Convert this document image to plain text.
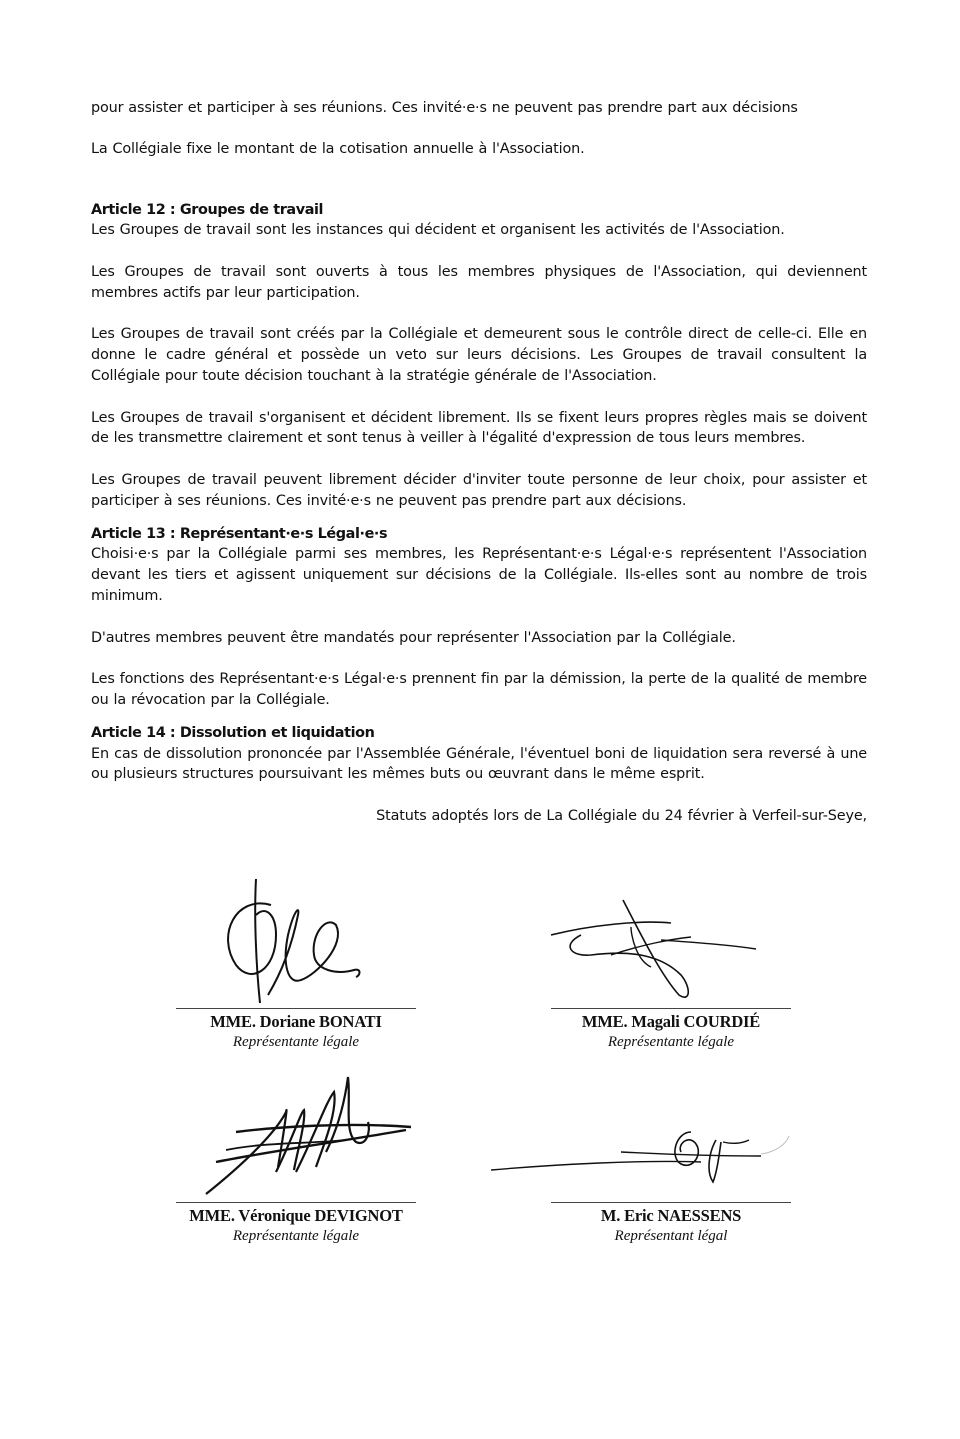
pour assister et participer à ses réunions. Ces invité·e·s ne peuvent pas prendre part aux décisions

La Collégiale fixe le montant de la cotisation annuelle à l'Association.

Article 12 : Groupes de travail

Les Groupes de travail sont les instances qui décident et organisent les activités de l'Association.

Les Groupes de travail sont ouverts à tous les membres physiques de l'Association, qui deviennent membres actifs par leur participation.

Les Groupes de travail sont créés par la Collégiale et demeurent sous le contrôle direct de celle-ci. Elle en donne le cadre général et possède un veto sur leurs décisions. Les Groupes de travail consultent la Collégiale pour toute décision touchant à la stratégie générale de l'Association.

Les Groupes de travail s'organisent et décident librement. Ils se fixent leurs propres règles mais se doivent de les transmettre clairement et sont tenus à veiller à l'égalité d'expression de tous leurs membres.

Les Groupes de travail peuvent librement décider d'inviter toute personne de leur choix, pour assister et participer à ses réunions. Ces invité·e·s ne peuvent pas prendre part aux décisions.

Article 13 : Représentant·e·s Légal·e·s

Choisi·e·s par la Collégiale parmi ses membres, les Représentant·e·s Légal·e·s représentent l'Association devant les tiers et agissent uniquement sur décisions de la Collégiale. Ils-elles sont au nombre de trois minimum.

D'autres membres peuvent être mandatés pour représenter l'Association par la Collégiale.

Les fonctions des Représentant·e·s Légal·e·s prennent fin par la démission, la perte de la qualité de membre ou la révocation par la Collégiale.

Article 14 : Dissolution et liquidation

En cas de dissolution prononcée par l'Assemblée Générale, l'éventuel boni de liquidation sera reversé à une ou plusieurs structures poursuivant les mêmes buts ou œuvrant dans le même esprit.

Statuts adoptés lors de La Collégiale du 24 février à Verfeil-sur-Seye,

MME. Doriane BONATI
Représentante légale
MME. Magali COURDIÉ
Représentante légale
MME. Véronique DEVIGNOT
Représentante légale
M. Eric NAESSENS
Représentant légal
